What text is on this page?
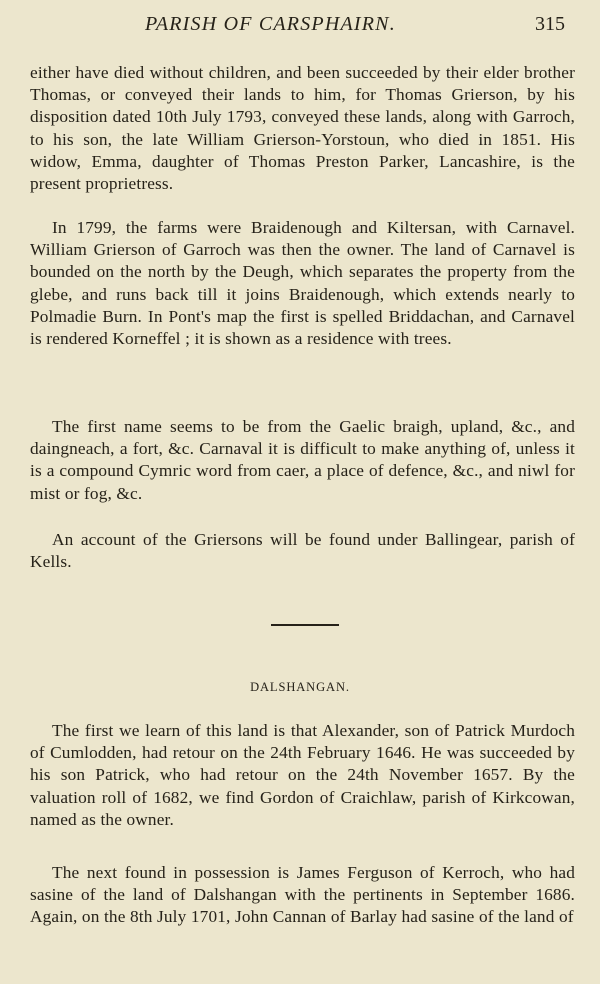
PARISH OF CARSPHAIRN.	315

either have died without children, and been succeeded by their elder brother Thomas, or conveyed their lands to him, for Thomas Grierson, by his disposition dated 10th July 1793, conveyed these lands, along with Garroch, to his son, the late William Grierson-Yorstoun, who died in 1851. His widow, Emma, daughter of Thomas Preston Parker, Lancashire, is the present proprietress.

In 1799, the farms were Braidenough and Kiltersan, with Carnavel. William Grierson of Garroch was then the owner. The land of Carnavel is bounded on the north by the Deugh, which separates the property from the glebe, and runs back till it joins Braidenough, which extends nearly to Polmadie Burn. In Pont's map the first is spelled Briddachan, and Carnavel is rendered Korneffel ; it is shown as a residence with trees.

The first name seems to be from the Gaelic braigh, upland, &c., and daingneach, a fort, &c. Carnaval it is difficult to make anything of, unless it is a compound Cymric word from caer, a place of defence, &c., and niwl for mist or fog, &c.

An account of the Griersons will be found under Ballingear, parish of Kells.

DALSHANGAN.

The first we learn of this land is that Alexander, son of Patrick Murdoch of Cumlodden, had retour on the 24th February 1646. He was succeeded by his son Patrick, who had retour on the 24th November 1657. By the valuation roll of 1682, we find Gordon of Craichlaw, parish of Kirkcowan, named as the owner.

The next found in possession is James Ferguson of Kerroch, who had sasine of the land of Dalshangan with the pertinents in September 1686. Again, on the 8th July 1701, John Cannan of Barlay had sasine of the land of
